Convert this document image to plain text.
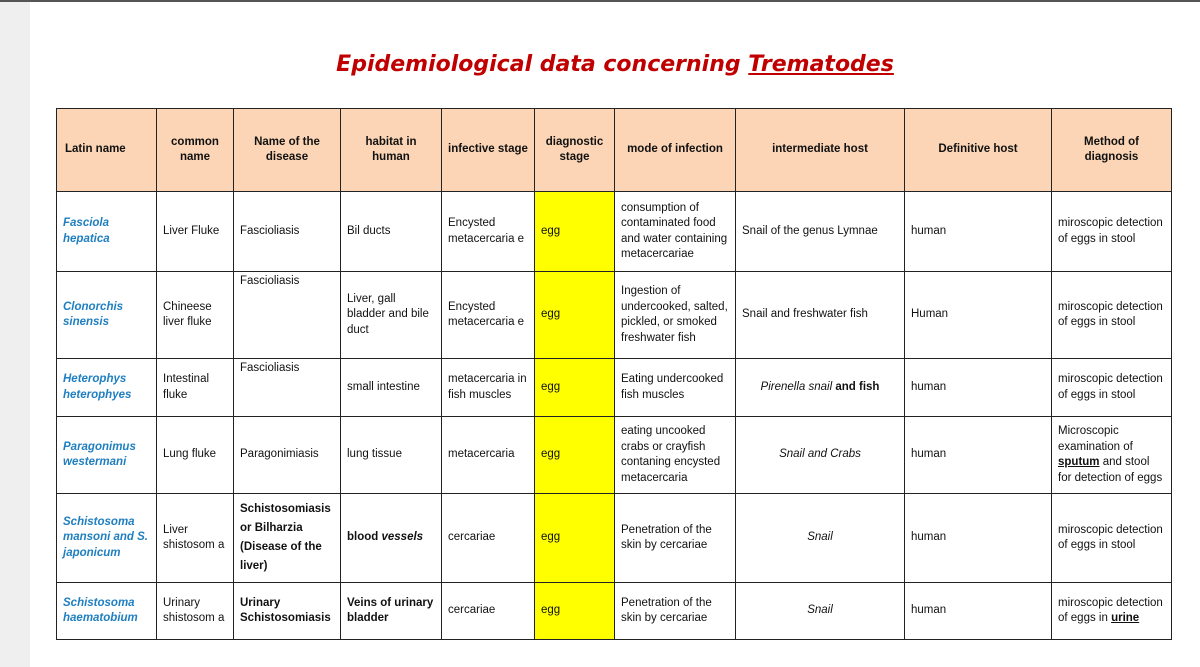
Epidemiological data concerning Trematodes
Latin name	common name	Name of the disease	habitat in human	infective stage	diagnostic stage	mode of infection	intermediate host	Definitive host	Method of diagnosis
Fasciola hepatica	Liver Fluke	Fascioliasis	Bil ducts	Encysted metacercaria e	egg	consumption of contaminated food and water containing metacercariae	Snail of the genus Lymnae	human	miroscopic detection of eggs in stool
Clonorchis sinensis	Chineese liver fluke	Fascioliasis	Liver, gall bladder and bile duct	Encysted metacercaria e	egg	Ingestion of undercooked, salted, pickled, or smoked freshwater fish	Snail and freshwater fish	Human	miroscopic detection of eggs in stool
Heterophys heterophyes	Intestinal fluke	Fascioliasis	small intestine	metacercaria in fish muscles	egg	Eating undercooked fish muscles	Pirenella snail and fish	human	miroscopic detection of eggs in stool
Paragonimus westermani	Lung fluke	Paragonimiasis	lung tissue	metacercaria	egg	eating uncooked crabs or crayfish contaning encysted metacercaria	Snail and Crabs	human	Microscopic examination of sputum and stool for detection of eggs
Schistosoma mansoni and S. japonicum	Liver shistosom a	Schistosomiasis or Bilharzia (Disease of the liver)	blood vessels	cercariae	egg	Penetration of the skin by cercariae	Snail	human	miroscopic detection of eggs in stool
Schistosoma haematobium	Urinary shistosom a	Urinary Schistosomiasis	Veins of urinary bladder	cercariae	egg	Penetration of the skin by cercariae	Snail	human	miroscopic detection of eggs in urine
